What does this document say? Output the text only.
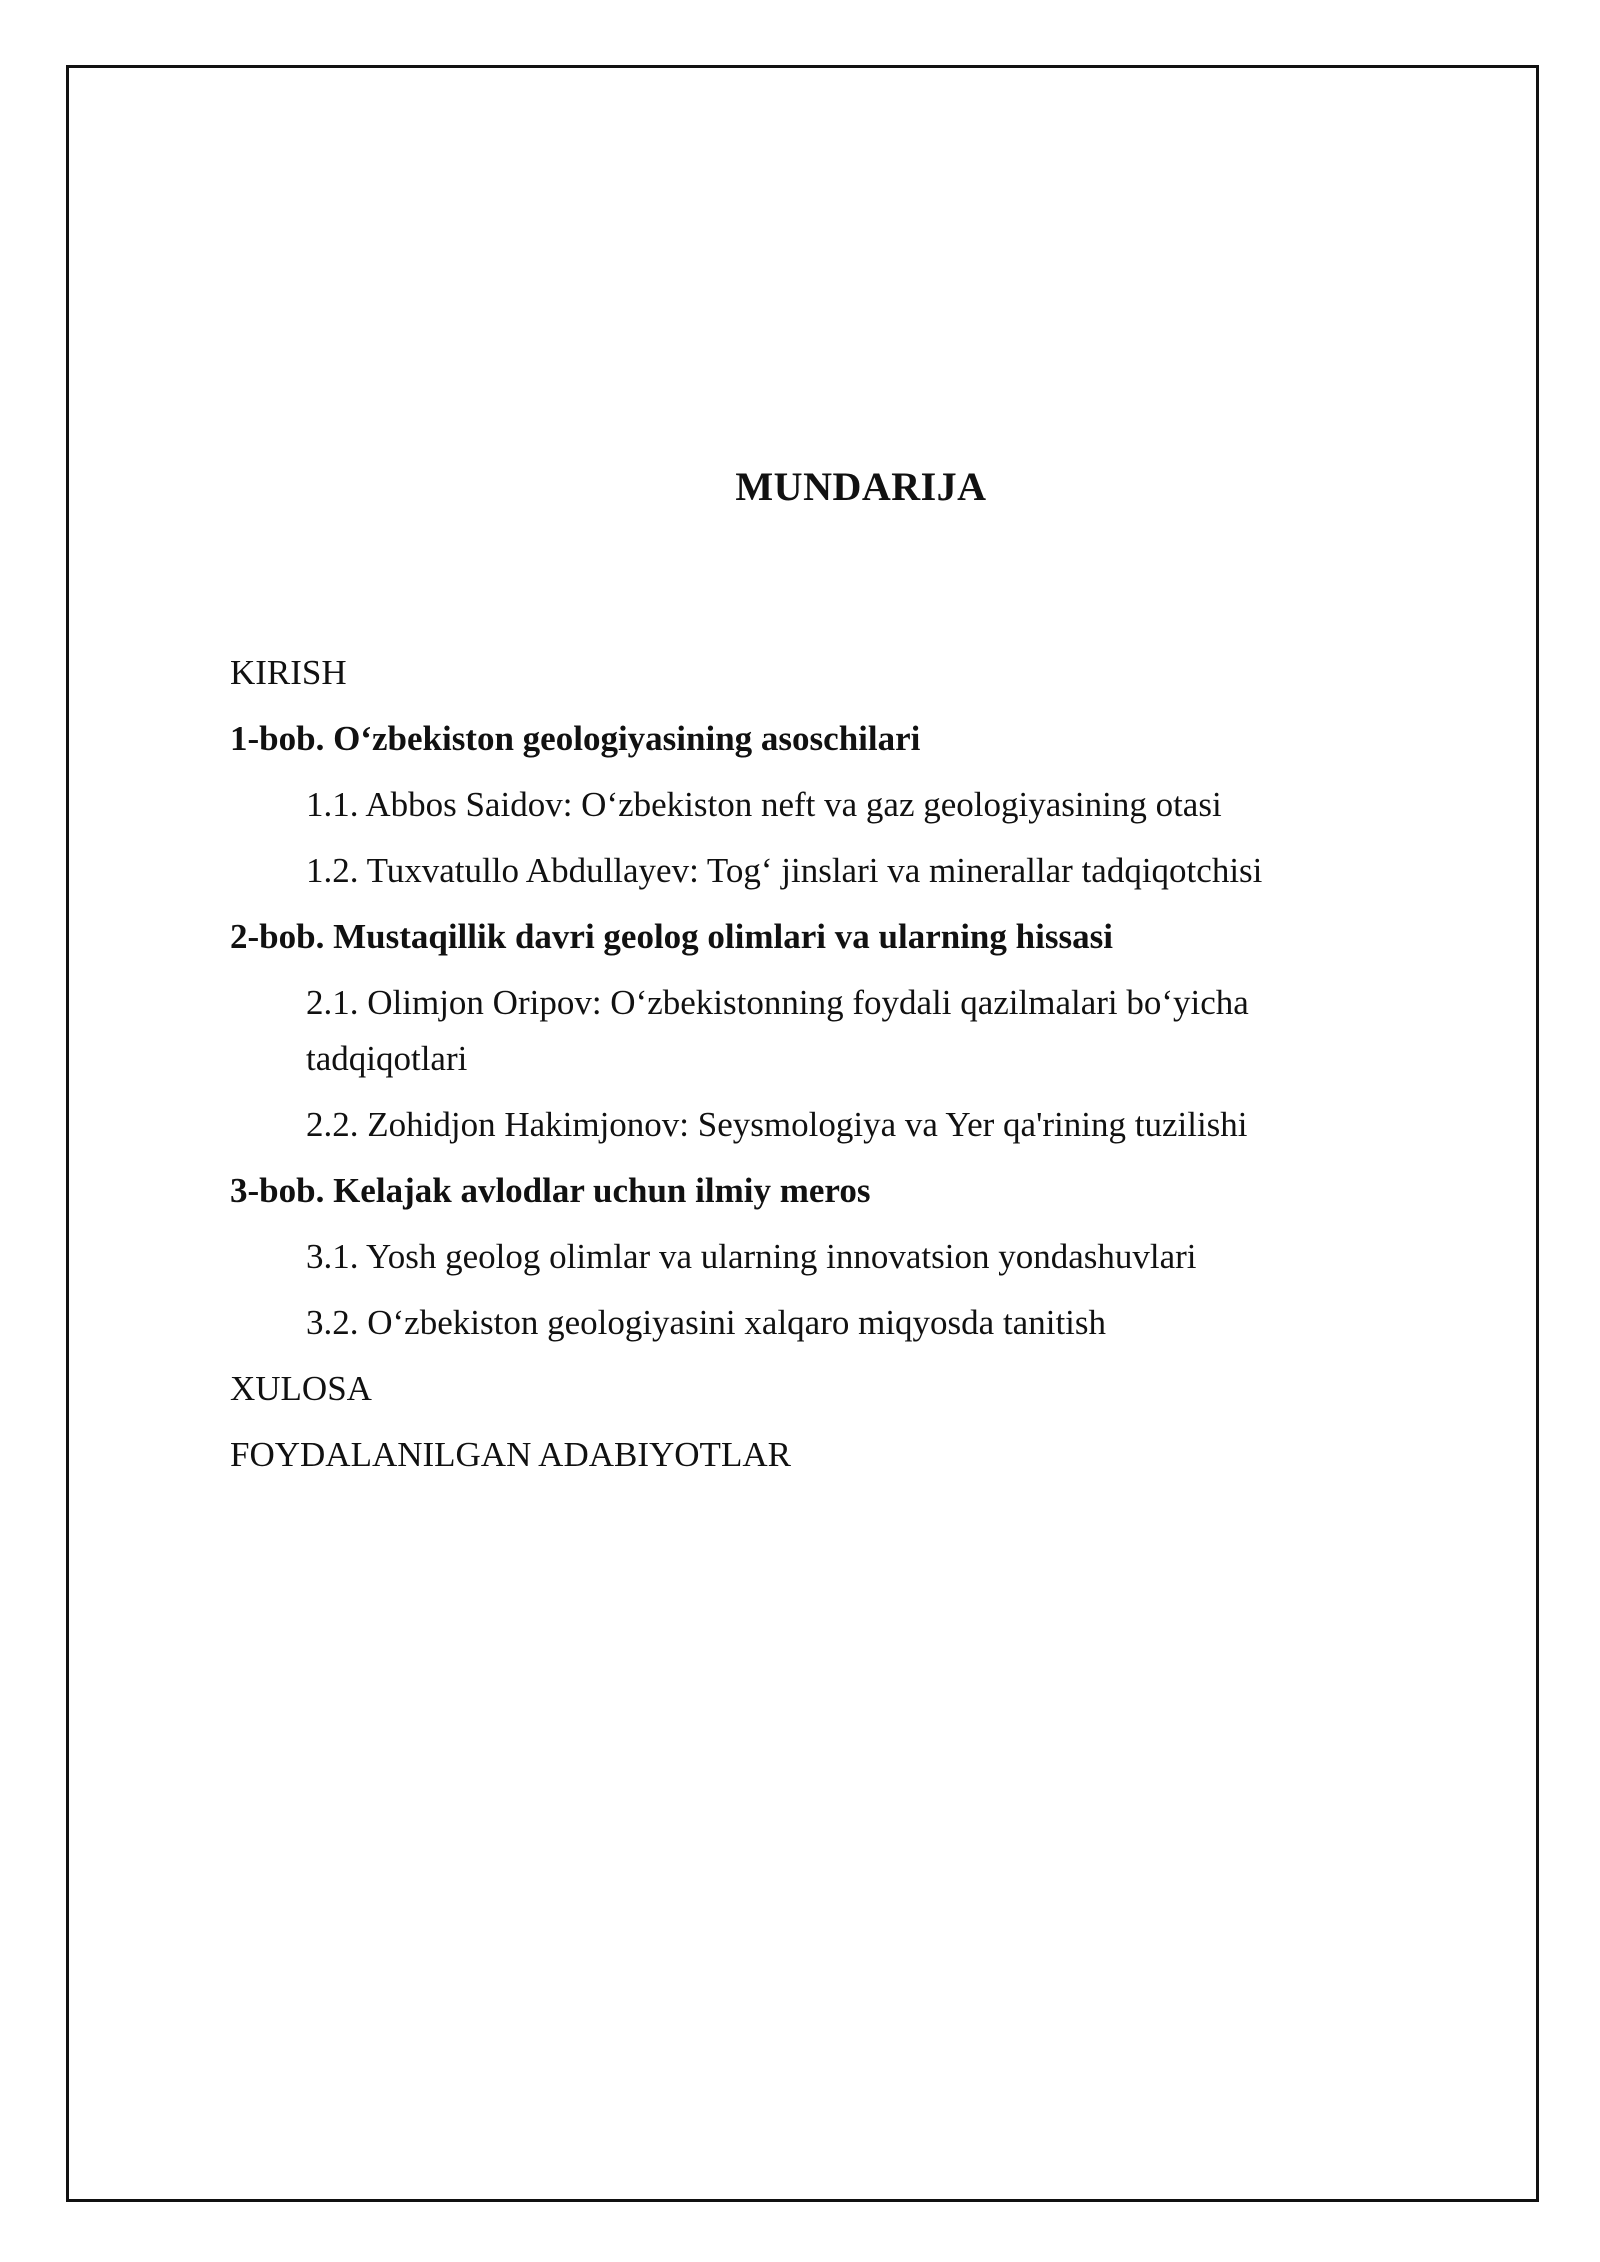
MUNDARIJA
KIRISH
1-bob. O‘zbekiston geologiyasining asoschilari
1.1. Abbos Saidov: O‘zbekiston neft va gaz geologiyasining otasi
1.2. Tuxvatullo Abdullayev: Tog‘ jinslari va minerallar tadqiqotchisi
2-bob. Mustaqillik davri geolog olimlari va ularning hissasi
2.1. Olimjon Oripov: O‘zbekistonning foydali qazilmalari bo‘yicha
tadqiqotlari
2.2. Zohidjon Hakimjonov: Seysmologiya va Yer qa'rining tuzilishi
3-bob. Kelajak avlodlar uchun ilmiy meros
3.1. Yosh geolog olimlar va ularning innovatsion yondashuvlari
3.2. O‘zbekiston geologiyasini xalqaro miqyosda tanitish
XULOSA
FOYDALANILGAN ADABIYOTLAR
